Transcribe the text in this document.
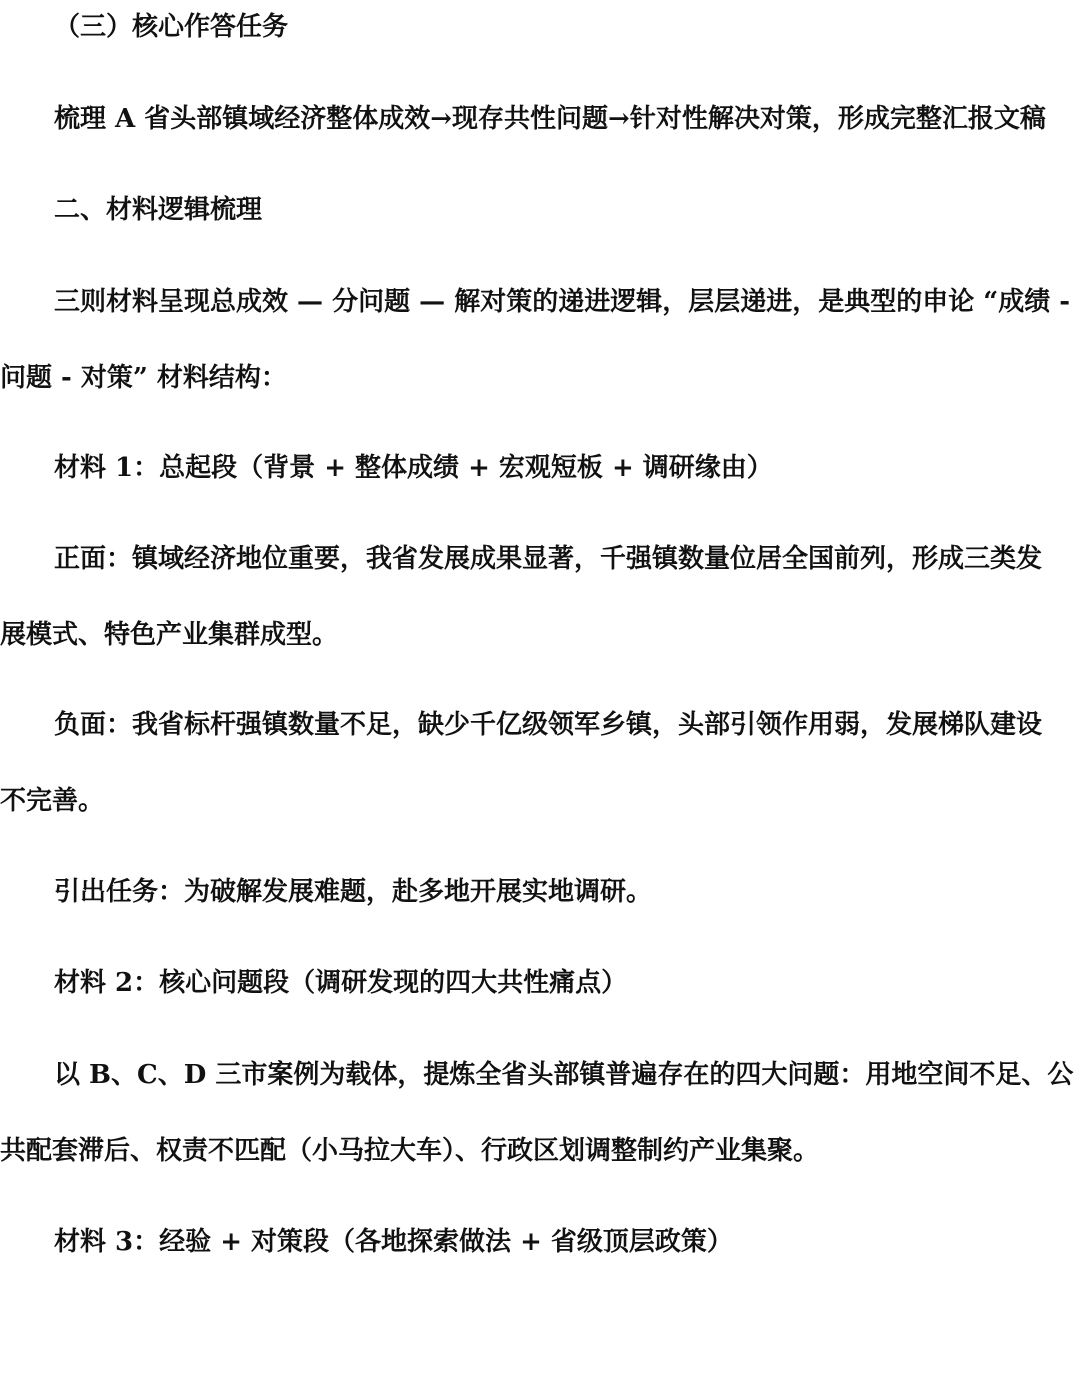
（三）核心作答任务
梳理 A 省头部镇域经济整体成效→现存共性问题→针对性解决对策，形成完整汇报文稿
二、材料逻辑梳理
三则材料呈现总成效 — 分问题 — 解对策的递进逻辑，层层递进，是典型的申论 “成绩 -
问题 - 对策” 材料结构：
材料 1：总起段（背景 + 整体成绩 + 宏观短板 + 调研缘由）
正面：镇域经济地位重要，我省发展成果显著，千强镇数量位居全国前列，形成三类发
展模式、特色产业集群成型。
负面：我省标杆强镇数量不足，缺少千亿级领军乡镇，头部引领作用弱，发展梯队建设
不完善。
引出任务：为破解发展难题，赴多地开展实地调研。
材料 2：核心问题段（调研发现的四大共性痛点）
以 B、C、D 三市案例为载体，提炼全省头部镇普遍存在的四大问题：用地空间不足、公
共配套滞后、权责不匹配（小马拉大车）、行政区划调整制约产业集聚。
材料 3：经验 + 对策段（各地探索做法 + 省级顶层政策）
